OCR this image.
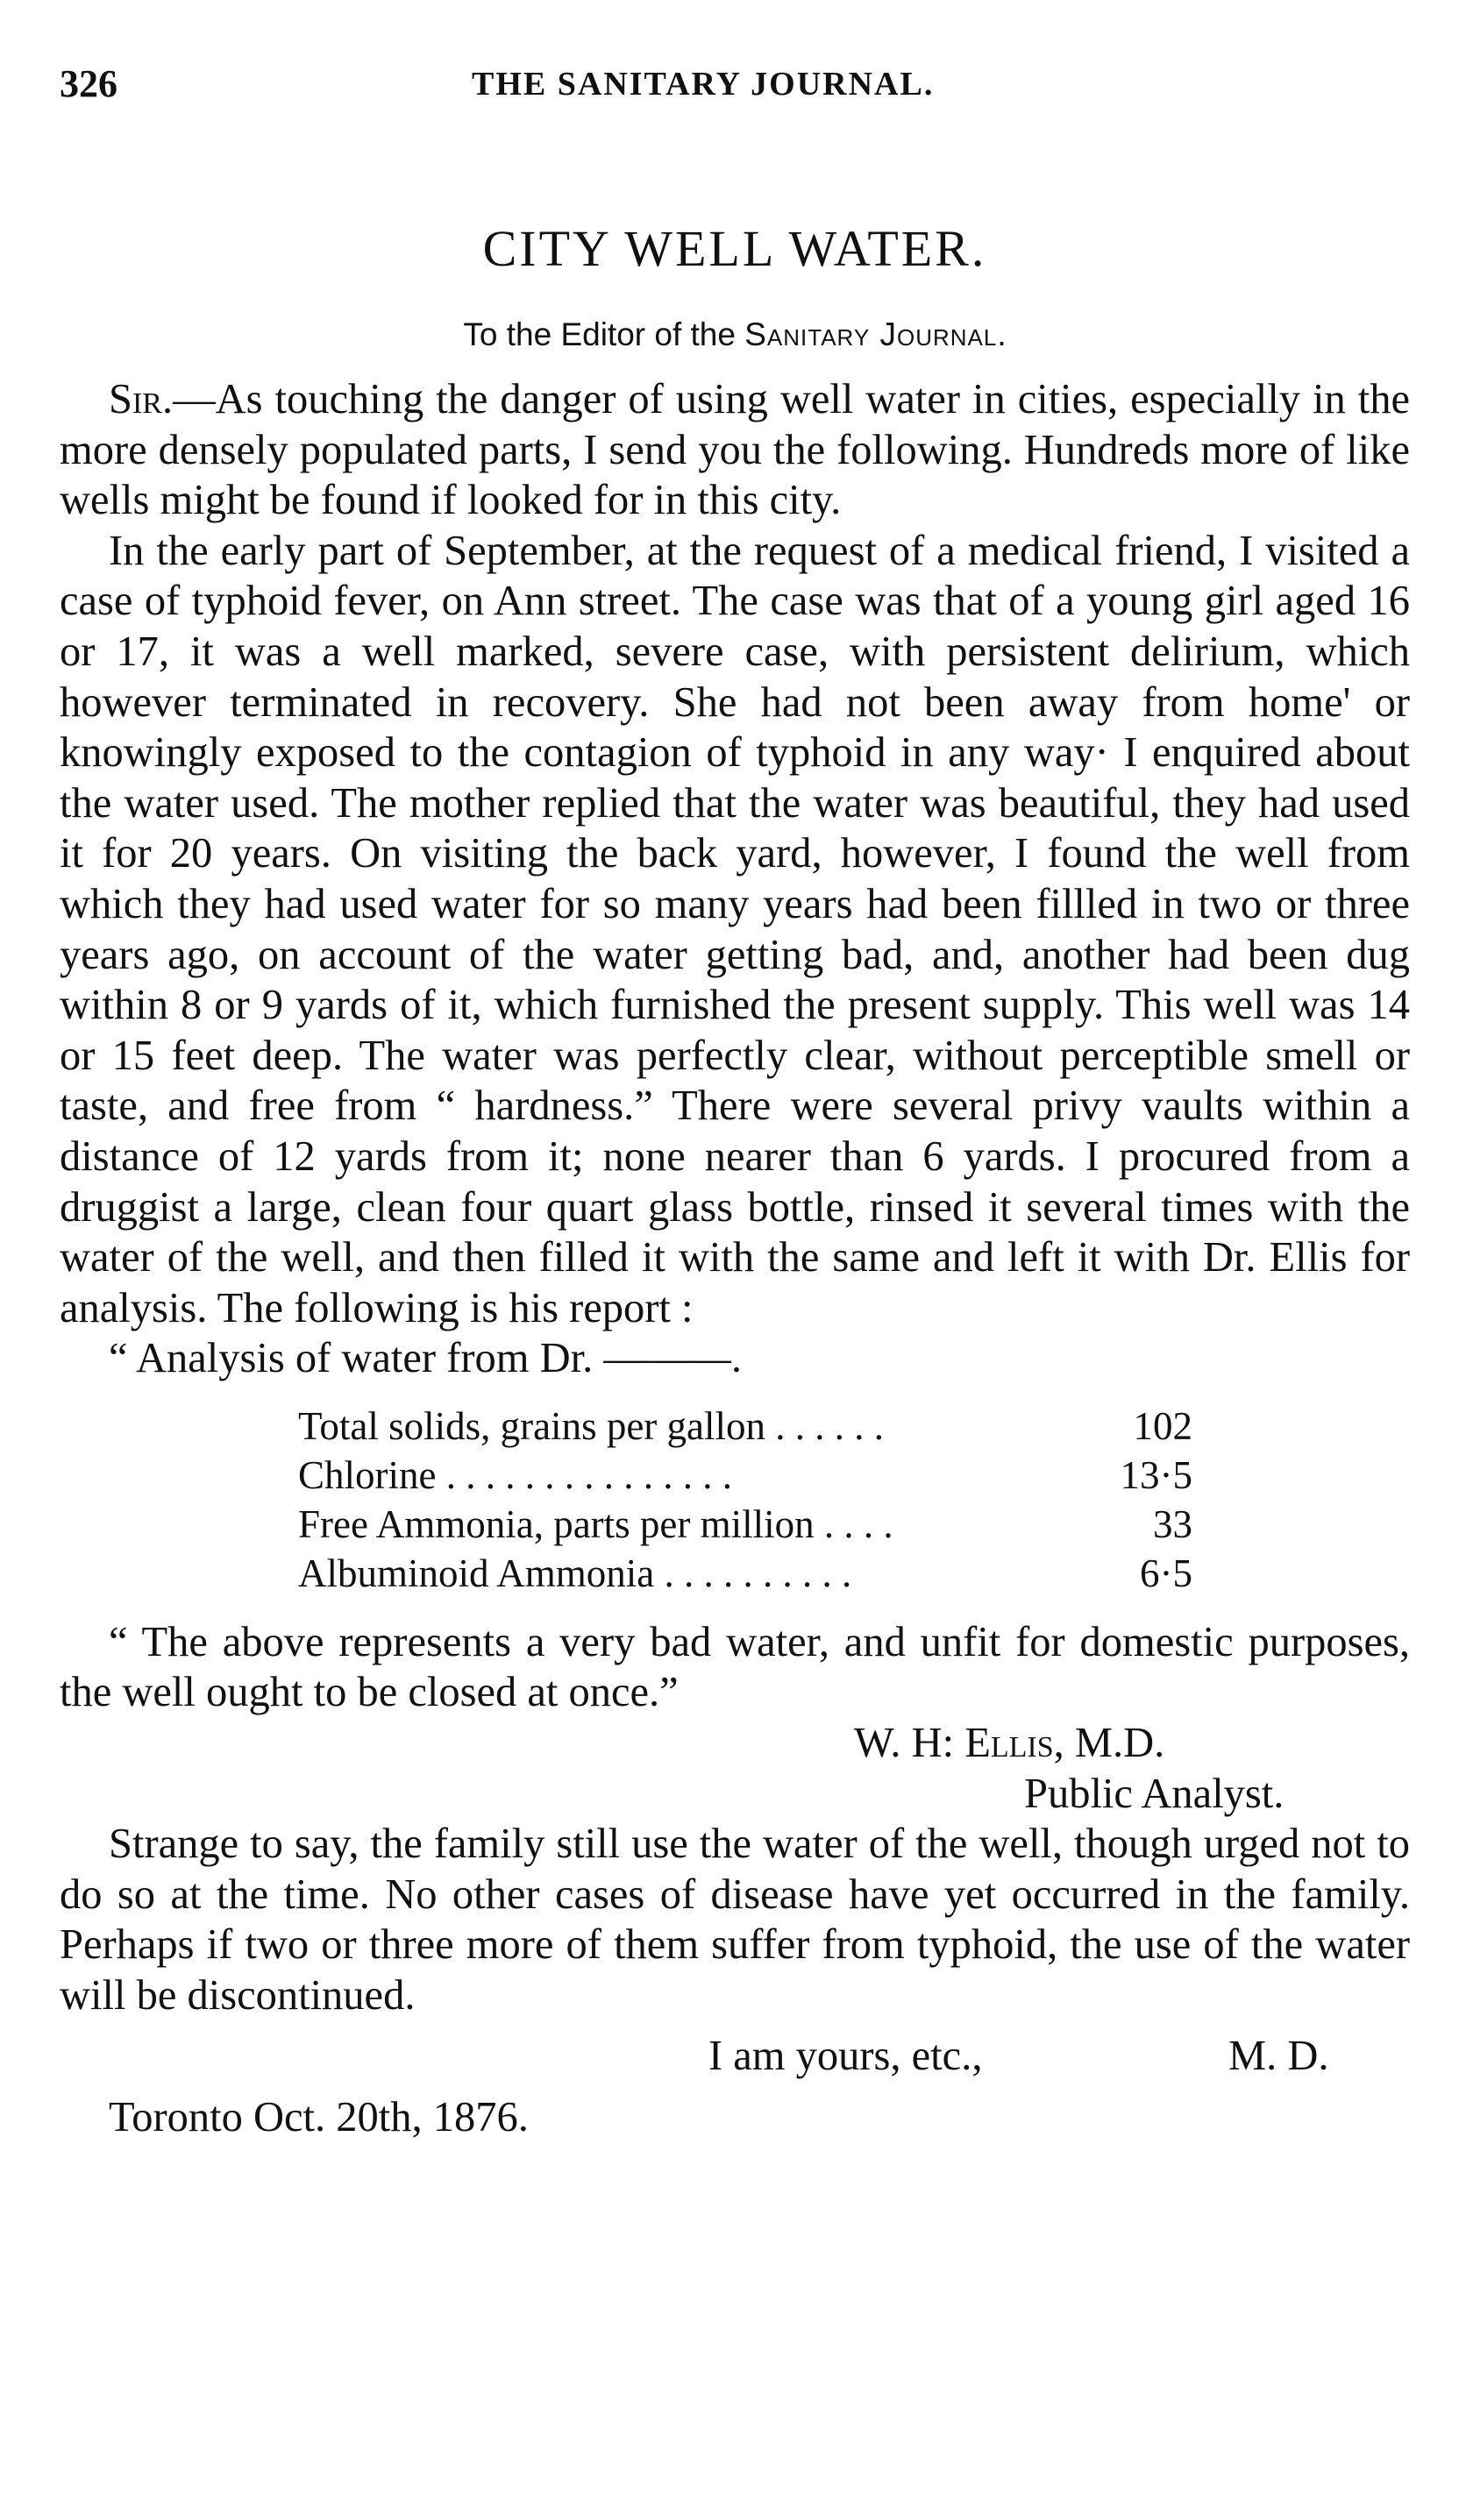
326	THE SANITARY JOURNAL.
CITY WELL WATER.
To the Editor of the Sanitary Journal.

Sir.—As touching the danger of using well water in cities, especially in the more densely populated parts, I send you the following. Hundreds more of like wells might be found if looked for in this city.

In the early part of September, at the request of a medical friend, I visited a case of typhoid fever, on Ann street. The case was that of a young girl aged 16 or 17, it was a well marked, severe case, with persistent delirium, which however terminated in recovery. She had not been away from home' or knowingly exposed to the contagion of typhoid in any way· I enquired about the water used. The mother replied that the water was beautiful, they had used it for 20 years. On visiting the back yard, however, I found the well from which they had used water for so many years had been fillled in two or three years ago, on account of the water getting bad, and, another had been dug within 8 or 9 yards of it, which furnished the present supply. This well was 14 or 15 feet deep. The water was perfectly clear, without perceptible smell or taste, and free from “ hardness.” There were several privy vaults within a distance of 12 yards from it; none nearer than 6 yards. I procured from a druggist a large, clean four quart glass bottle, rinsed it several times with the water of the well, and then filled it with the same and left it with Dr. Ellis for analysis. The following is his report :

“ Analysis of water from Dr. ———.

Total solids, grains per gallon . . . . . .	102
Chlorine . . . . . . . . . . . . . . .	13·5
Free Ammonia, parts per million . . . .	33
Albuminoid Ammonia . . . . . . . . . .	6·5

“ The above represents a very bad water, and unfit for domestic purposes, the well ought to be closed at once.”

W. H: Ellis, M.D.
Public Analyst.

Strange to say, the family still use the water of the well, though urged not to do so at the time. No other cases of disease have yet occurred in the family. Perhaps if two or three more of them suffer from typhoid, the use of the water will be discontinued.

I am yours, etc.,	M. D.
Toronto Oct. 20th, 1876.
